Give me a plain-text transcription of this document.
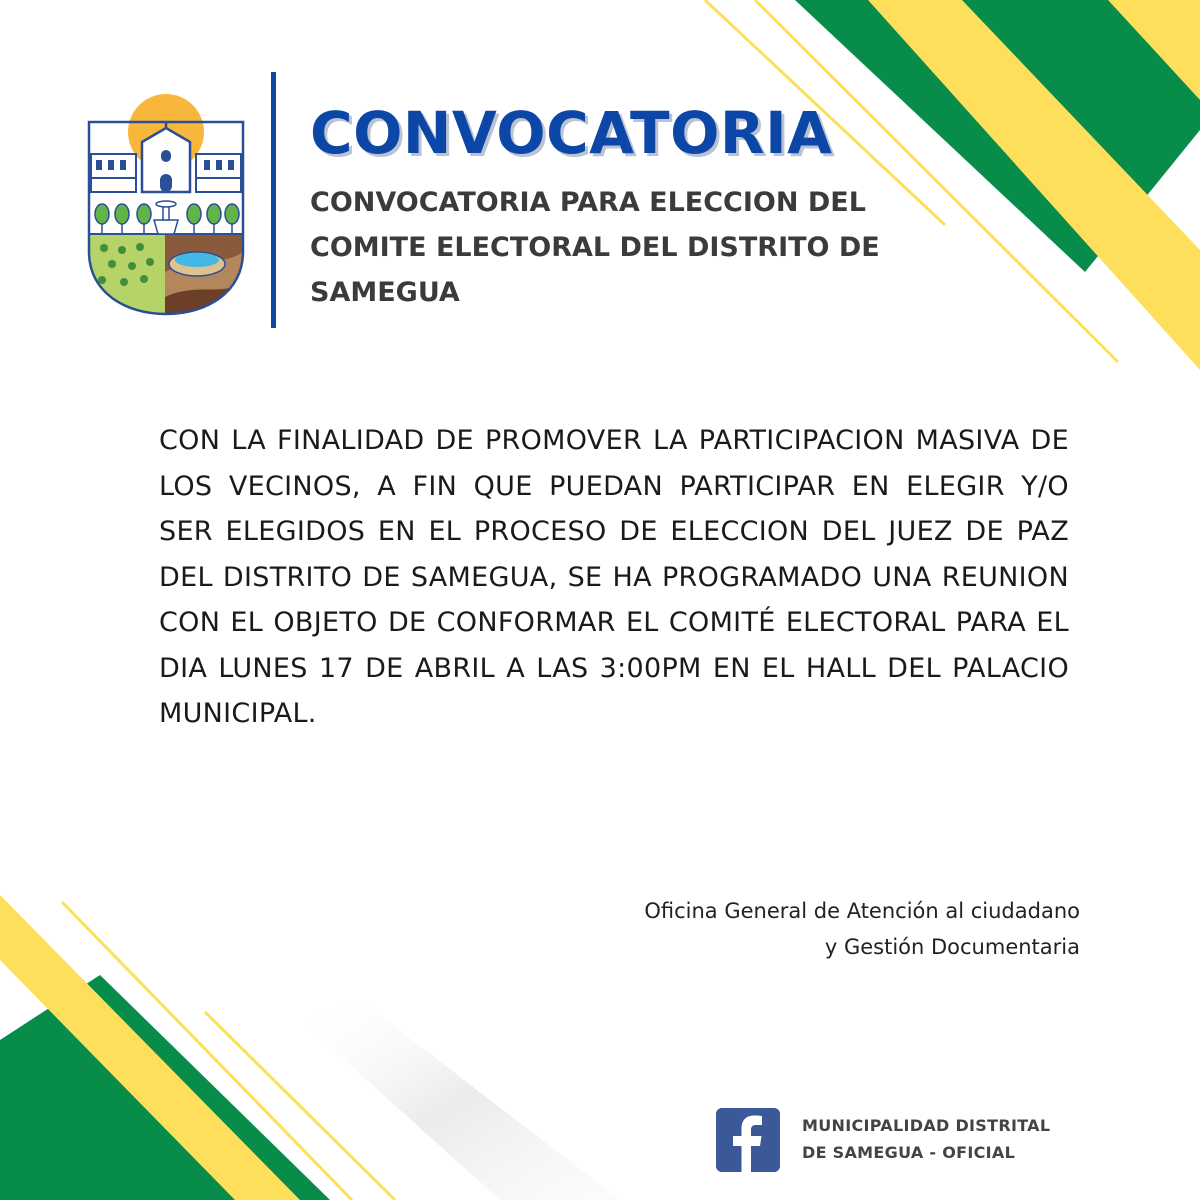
CONVOCATORIA
CONVOCATORIA PARA ELECCION DEL COMITE ELECTORAL DEL DISTRITO DE SAMEGUA

CON LA FINALIDAD DE PROMOVER LA PARTICIPACION MASIVA DE LOS VECINOS, A FIN QUE PUEDAN PARTICIPAR EN ELEGIR Y/O SER ELEGIDOS EN EL PROCESO DE ELECCION DEL JUEZ DE PAZ DEL DISTRITO DE SAMEGUA, SE HA PROGRAMADO UNA REUNION CON EL OBJETO DE CONFORMAR EL COMITÉ ELECTORAL PARA EL DIA LUNES 17 DE ABRIL A LAS 3:00PM EN EL HALL DEL PALACIO MUNICIPAL.

Oficina General de Atención al ciudadano
y Gestión Documentaria
MUNICIPALIDAD DISTRITAL
DE SAMEGUA - OFICIAL
